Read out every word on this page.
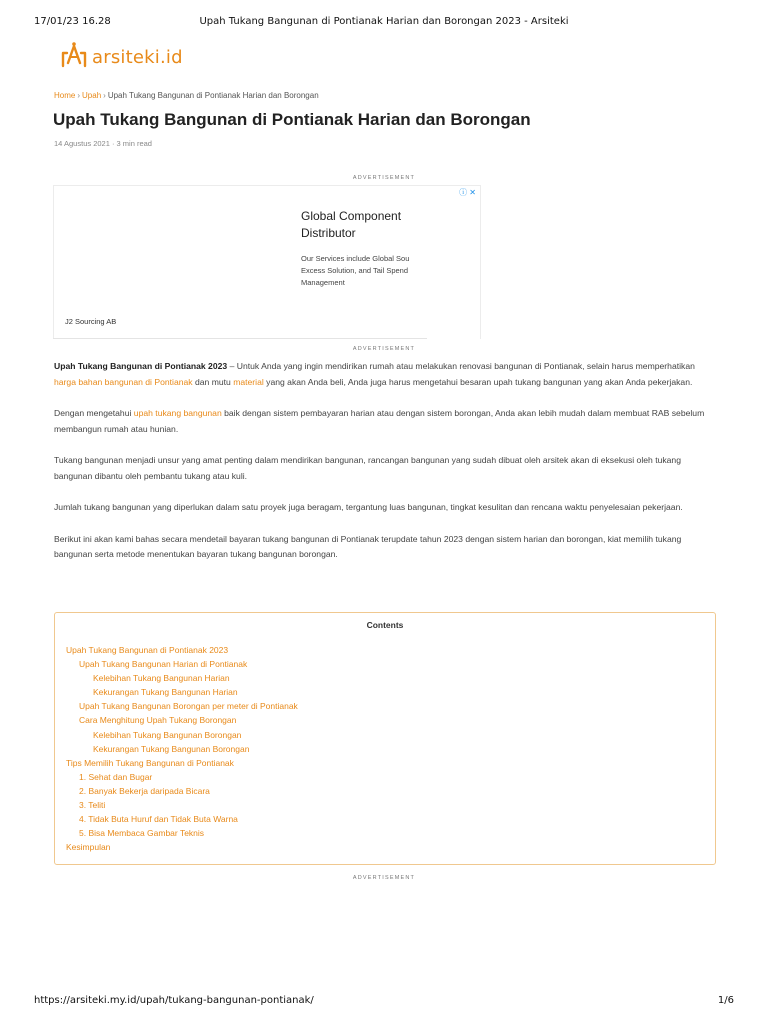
17/01/23 16.28	Upah Tukang Bangunan di Pontianak Harian dan Borongan 2023 - Arsiteki
arsiteki.id
Home › Upah › Upah Tukang Bangunan di Pontianak Harian dan Borongan
Upah Tukang Bangunan di Pontianak Harian dan Borongan
14 Agustus 2021 · 3 min read
ADVERTISEMENT
ⓘ ✕
Global Component Distributor
Our Services include Global Sou Excess Solution, and Tail Spend Management
J2 Sourcing AB
ADVERTISEMENT

Upah Tukang Bangunan di Pontianak 2023 – Untuk Anda yang ingin mendirikan rumah atau melakukan renovasi bangunan di Pontianak, selain harus memperhatikan harga bahan bangunan di Pontianak dan mutu material yang akan Anda beli, Anda juga harus mengetahui besaran upah tukang bangunan yang akan Anda pekerjakan.

Dengan mengetahui upah tukang bangunan baik dengan sistem pembayaran harian atau dengan sistem borongan, Anda akan lebih mudah dalam membuat RAB sebelum membangun rumah atau hunian.

Tukang bangunan menjadi unsur yang amat penting dalam mendirikan bangunan, rancangan bangunan yang sudah dibuat oleh arsitek akan di eksekusi oleh tukang bangunan dibantu oleh pembantu tukang atau kuli.

Jumlah tukang bangunan yang diperlukan dalam satu proyek juga beragam, tergantung luas bangunan, tingkat kesulitan dan rencana waktu penyelesaian pekerjaan.

Berikut ini akan kami bahas secara mendetail bayaran tukang bangunan di Pontianak terupdate tahun 2023 dengan sistem harian dan borongan, kiat memilih tukang bangunan serta metode menentukan bayaran tukang bangunan borongan.

Contents
Upah Tukang Bangunan di Pontianak 2023
Upah Tukang Bangunan Harian di Pontianak
Kelebihan Tukang Bangunan Harian
Kekurangan Tukang Bangunan Harian
Upah Tukang Bangunan Borongan per meter di Pontianak
Cara Menghitung Upah Tukang Borongan
Kelebihan Tukang Bangunan Borongan
Kekurangan Tukang Bangunan Borongan
Tips Memilih Tukang Bangunan di Pontianak
1. Sehat dan Bugar
2. Banyak Bekerja daripada Bicara
3. Teliti
4. Tidak Buta Huruf dan Tidak Buta Warna
5. Bisa Membaca Gambar Teknis
Kesimpulan
ADVERTISEMENT
https://arsiteki.my.id/upah/tukang-bangunan-pontianak/	1/6
